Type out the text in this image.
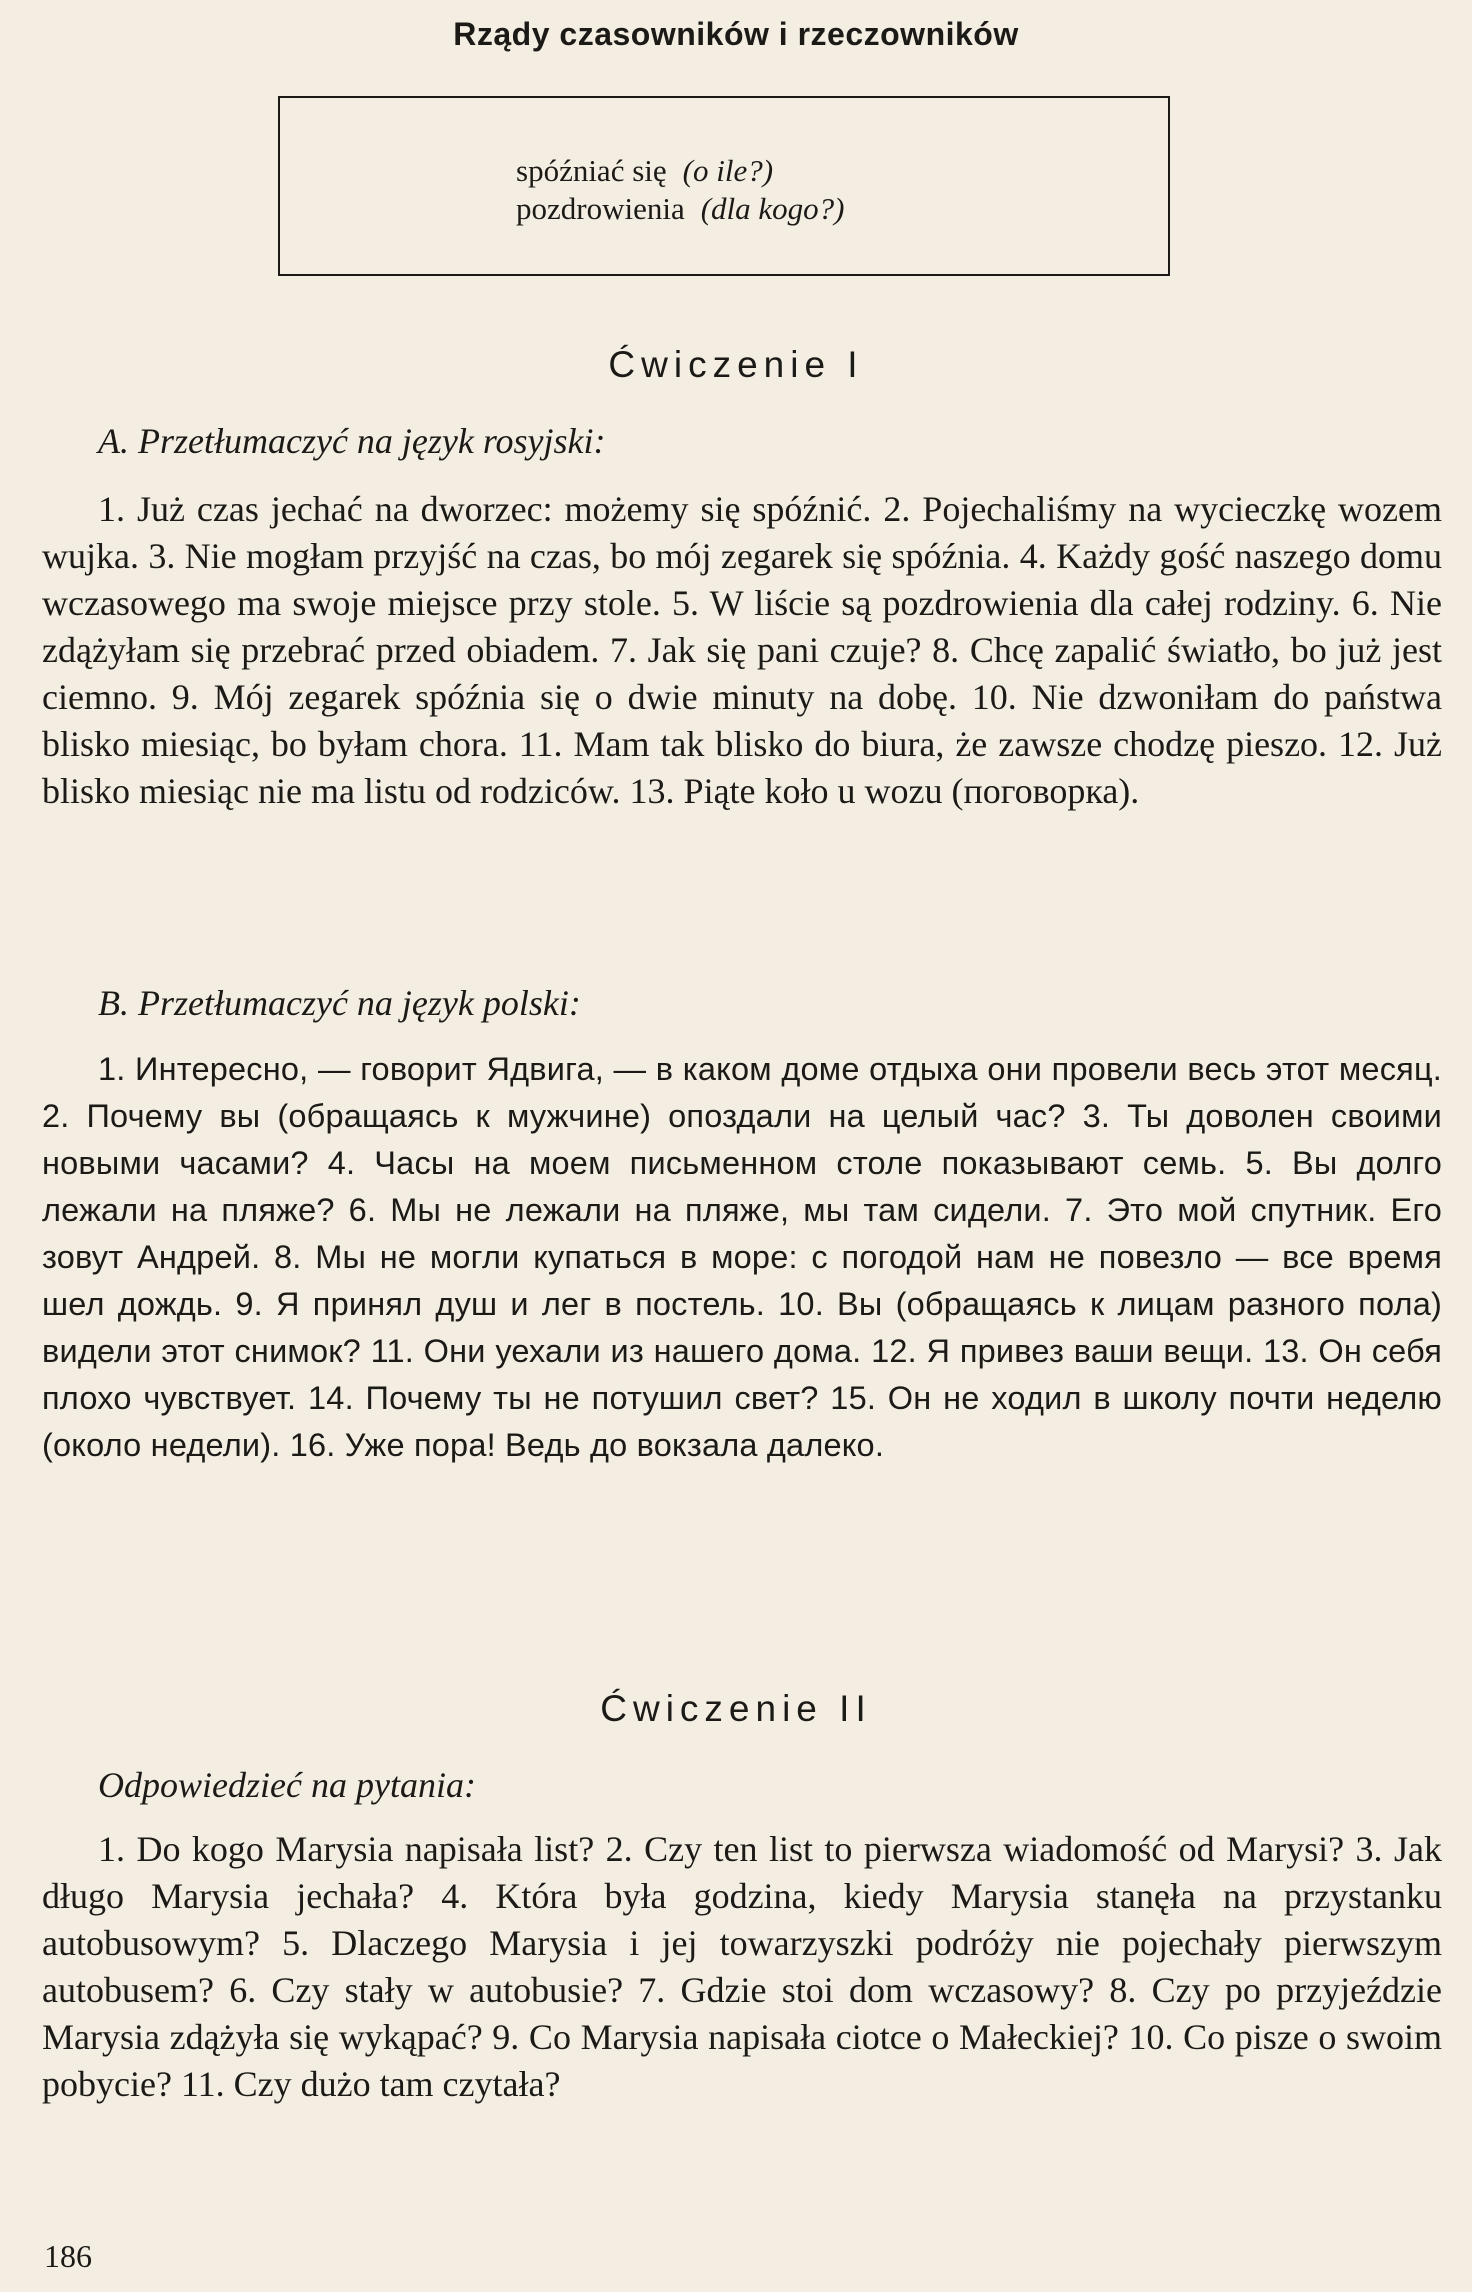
Rządy czasowników i rzeczowników
spóźniać się (o ile?)
pozdrowienia (dla kogo?)
Ćwiczenie I
A. Przetłumaczyć na język rosyjski:
1. Już czas jechać na dworzec: możemy się spóźnić. 2. Pojechaliśmy na wycieczkę wozem wujka. 3. Nie mogłam przyjść na czas, bo mój zegarek się spóźnia. 4. Każdy gość naszego domu wczasowego ma swoje miejsce przy stole. 5. W liście są pozdrowienia dla całej rodziny. 6. Nie zdążyłam się przebrać przed obiadem. 7. Jak się pani czuje? 8. Chcę zapalić światło, bo już jest ciemno. 9. Mój zegarek spóźnia się o dwie minuty na dobę. 10. Nie dzwoniłam do państwa blisko miesiąc, bo byłam chora. 11. Mam tak blisko do biura, że zawsze chodzę pieszo. 12. Już blisko miesiąc nie ma listu od rodziców. 13. Piąte koło u wozu (поговорка).
B. Przetłumaczyć na język polski:
1. Интересно, — говорит Ядвига, — в каком доме отдыха они провели весь этот месяц. 2. Почему вы (обращаясь к мужчине) опоздали на целый час? 3. Ты доволен своими новыми часами? 4. Часы на моем письменном столе показывают семь. 5. Вы долго лежали на пляже? 6. Мы не лежали на пляже, мы там сидели. 7. Это мой спутник. Его зовут Андрей. 8. Мы не могли купаться в море: с погодой нам не повезло — все время шел дождь. 9. Я принял душ и лег в постель. 10. Вы (обращаясь к лицам разного пола) видели этот снимок? 11. Они уехали из нашего дома. 12. Я привез ваши вещи. 13. Он себя плохо чувствует. 14. Почему ты не потушил свет? 15. Он не ходил в школу почти неделю (около недели). 16. Уже пора! Ведь до вокзала далеко.
Ćwiczenie II
Odpowiedzieć na pytania:
1. Do kogo Marysia napisała list? 2. Czy ten list to pierwsza wiadomość od Marysi? 3. Jak długo Marysia jechała? 4. Która była godzina, kiedy Marysia stanęła na przystanku autobusowym? 5. Dlaczego Marysia i jej towarzyszki podróży nie pojechały pierwszym autobusem? 6. Czy stały w autobusie? 7. Gdzie stoi dom wczasowy? 8. Czy po przyjeździe Marysia zdążyła się wykąpać? 9. Co Marysia napisała ciotce o Małeckiej? 10. Co pisze o swoim pobycie? 11. Czy dużo tam czytała?
186
